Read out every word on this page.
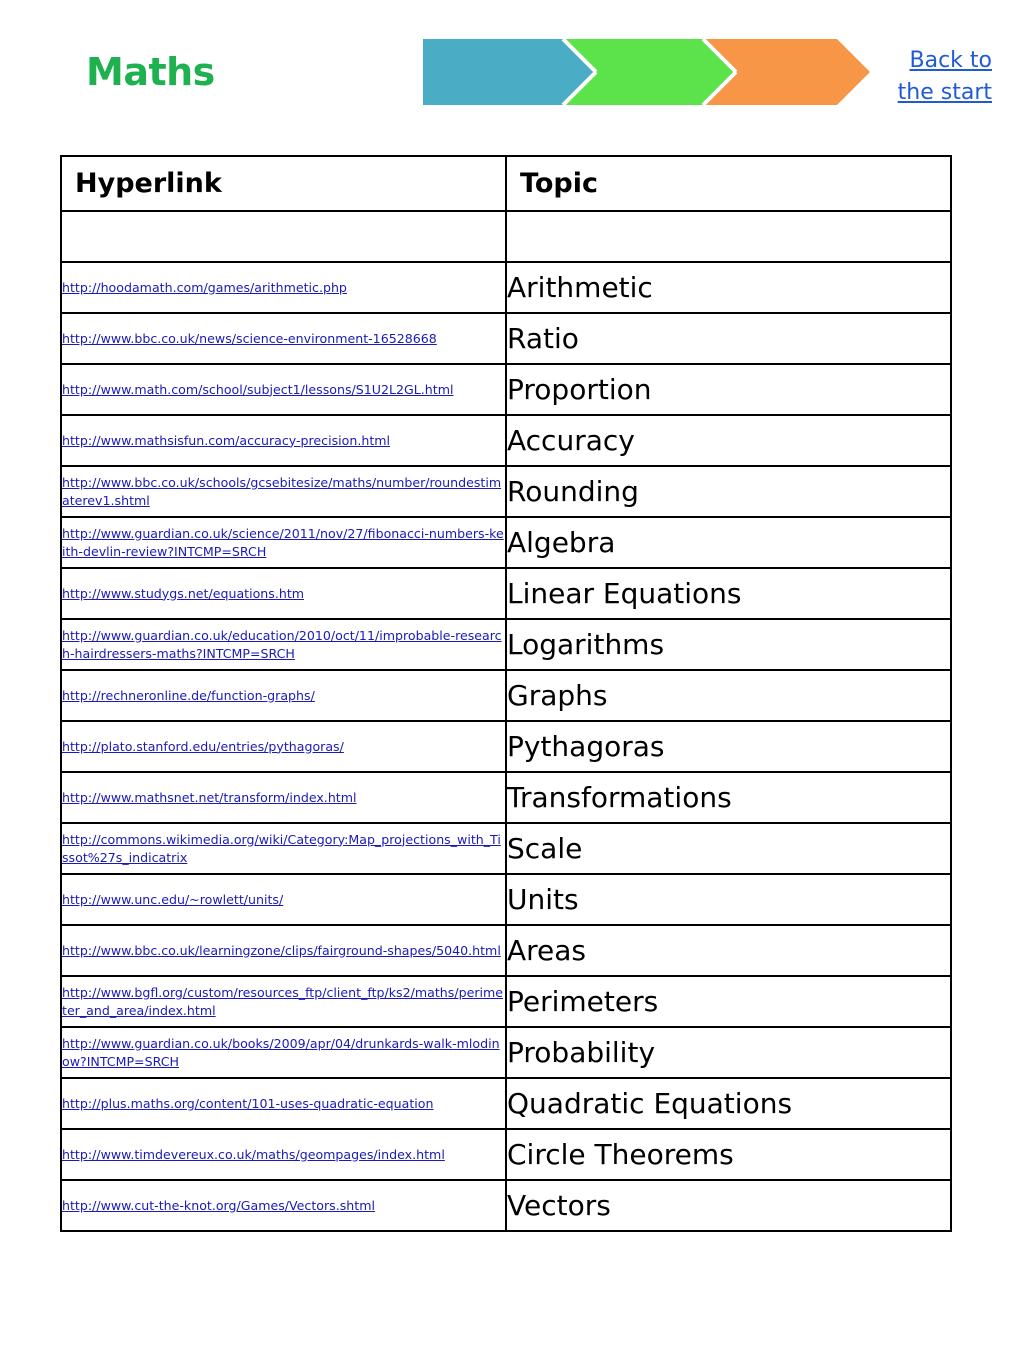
Maths	Back to
the start
Hyperlink	Topic

http://hoodamath.com/games/arithmetic.php	Arithmetic
http://www.bbc.co.uk/news/science-environment-16528668	Ratio
http://www.math.com/school/subject1/lessons/S1U2L2GL.html	Proportion
http://www.mathsisfun.com/accuracy-precision.html	Accuracy
http://www.bbc.co.uk/schools/gcsebitesize/maths/number/roundestimaterev1.shtml	Rounding
http://www.guardian.co.uk/science/2011/nov/27/fibonacci-numbers-keith-devlin-review?INTCMP=SRCH	Algebra
http://www.studygs.net/equations.htm	Linear Equations
http://www.guardian.co.uk/education/2010/oct/11/improbable-research-hairdressers-maths?INTCMP=SRCH	Logarithms
http://rechneronline.de/function-graphs/	Graphs
http://plato.stanford.edu/entries/pythagoras/	Pythagoras
http://www.mathsnet.net/transform/index.html	Transformations
http://commons.wikimedia.org/wiki/Category:Map_projections_with_Tissot%27s_indicatrix	Scale
http://www.unc.edu/~rowlett/units/	Units
http://www.bbc.co.uk/learningzone/clips/fairground-shapes/5040.html	Areas
http://www.bgfl.org/custom/resources_ftp/client_ftp/ks2/maths/perimeter_and_area/index.html	Perimeters
http://www.guardian.co.uk/books/2009/apr/04/drunkards-walk-mlodinow?INTCMP=SRCH	Probability
http://plus.maths.org/content/101-uses-quadratic-equation	Quadratic Equations
http://www.timdevereux.co.uk/maths/geompages/index.html	Circle Theorems
http://www.cut-the-knot.org/Games/Vectors.shtml	Vectors
